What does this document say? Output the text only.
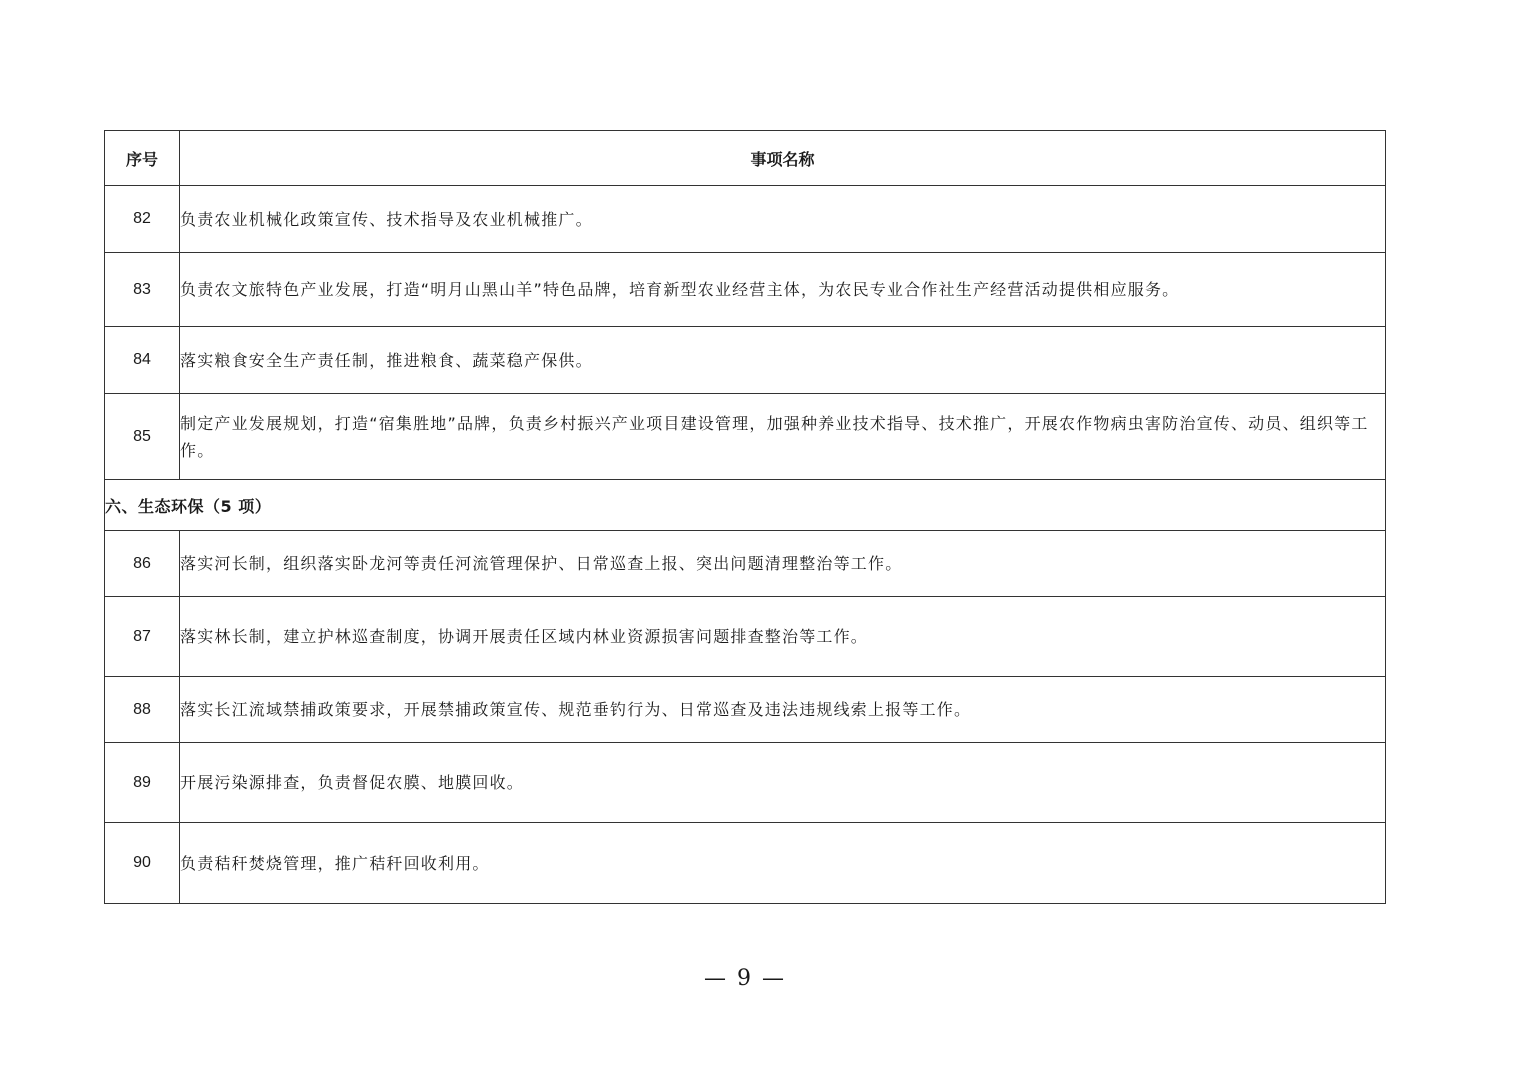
序号	事项名称
82	负责农业机械化政策宣传、技术指导及农业机械推广。
83	负责农文旅特色产业发展，打造“明月山黑山羊”特色品牌，培育新型农业经营主体，为农民专业合作社生产经营活动提供相应服务。
84	落实粮食安全生产责任制，推进粮食、蔬菜稳产保供。
85	制定产业发展规划，打造“宿集胜地”品牌，负责乡村振兴产业项目建设管理，加强种养业技术指导、技术推广，开展农作物病虫害防治宣传、动员、组织等工作。
六、生态环保（5 项）	
86	落实河长制，组织落实卧龙河等责任河流管理保护、日常巡查上报、突出问题清理整治等工作。
87	落实林长制，建立护林巡查制度，协调开展责任区域内林业资源损害问题排查整治等工作。
88	落实长江流域禁捕政策要求，开展禁捕政策宣传、规范垂钓行为、日常巡查及违法违规线索上报等工作。
89	开展污染源排查，负责督促农膜、地膜回收。
90	负责秸秆焚烧管理，推广秸秆回收利用。
— 9 —
